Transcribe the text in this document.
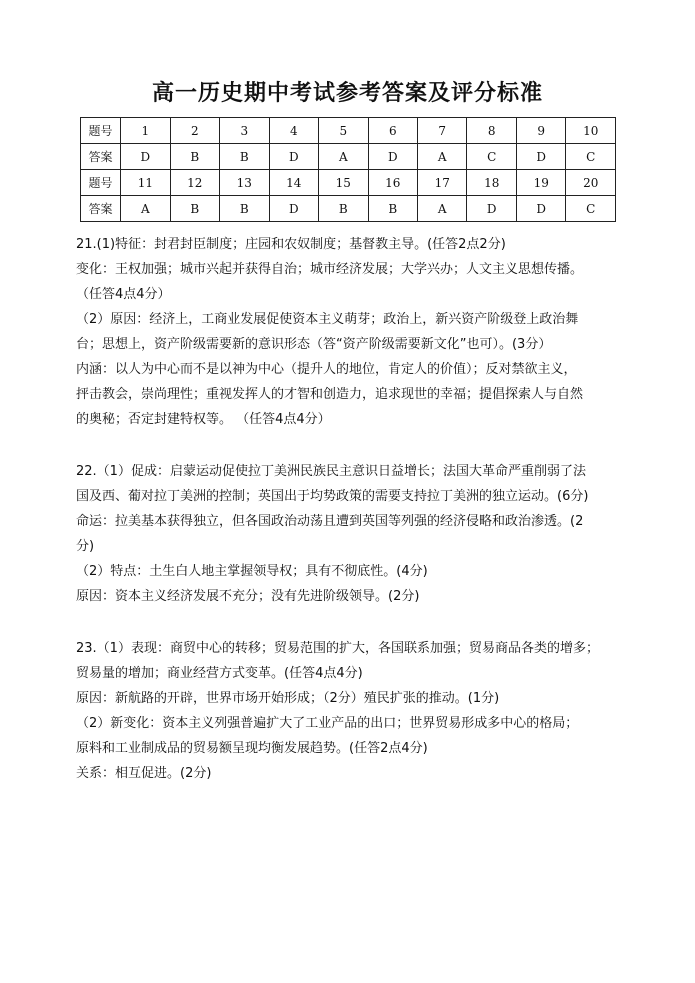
高一历史期中考试参考答案及评分标准
题号	1	2	3	4	5	6	7	8	9	10
答案	D	B	B	D	A	D	A	C	D	C
题号	11	12	13	14	15	16	17	18	19	20
答案	A	B	B	D	B	B	A	D	D	C

21.(1)特征：封君封臣制度；庄园和农奴制度；基督教主导。(任答2点2分)

变化：王权加强；城市兴起并获得自治；城市经济发展；大学兴办；人文主义思想传播。

（任答4点4分）

（2）原因：经济上，工商业发展促使资本主义萌芽；政治上，新兴资产阶级登上政治舞

台；思想上，资产阶级需要新的意识形态（答“资产阶级需要新文化”也可）。(3分）

内涵：以人为中心而不是以神为中心（提升人的地位，肯定人的价值）；反对禁欲主义，

抨击教会，崇尚理性；重视发挥人的才智和创造力，追求现世的幸福；提倡探索人与自然

的奥秘；否定封建特权等。 （任答4点4分）

22.（1）促成：启蒙运动促使拉丁美洲民族民主意识日益增长；法国大革命严重削弱了法

国及西、葡对拉丁美洲的控制；英国出于均势政策的需要支持拉丁美洲的独立运动。(6分)

命运：拉美基本获得独立，但各国政治动荡且遭到英国等列强的经济侵略和政治渗透。(2

分)

（2）特点：土生白人地主掌握领导权；具有不彻底性。(4分)

原因：资本主义经济发展不充分；没有先进阶级领导。(2分)

23.（1）表现：商贸中心的转移；贸易范围的扩大，各国联系加强；贸易商品各类的增多；

贸易量的增加；商业经营方式变革。(任答4点4分)

原因：新航路的开辟，世界市场开始形成；（2分）殖民扩张的推动。(1分)

（2）新变化：资本主义列强普遍扩大了工业产品的出口；世界贸易形成多中心的格局；

原料和工业制成品的贸易额呈现均衡发展趋势。(任答2点4分)

关系：相互促进。(2分)
